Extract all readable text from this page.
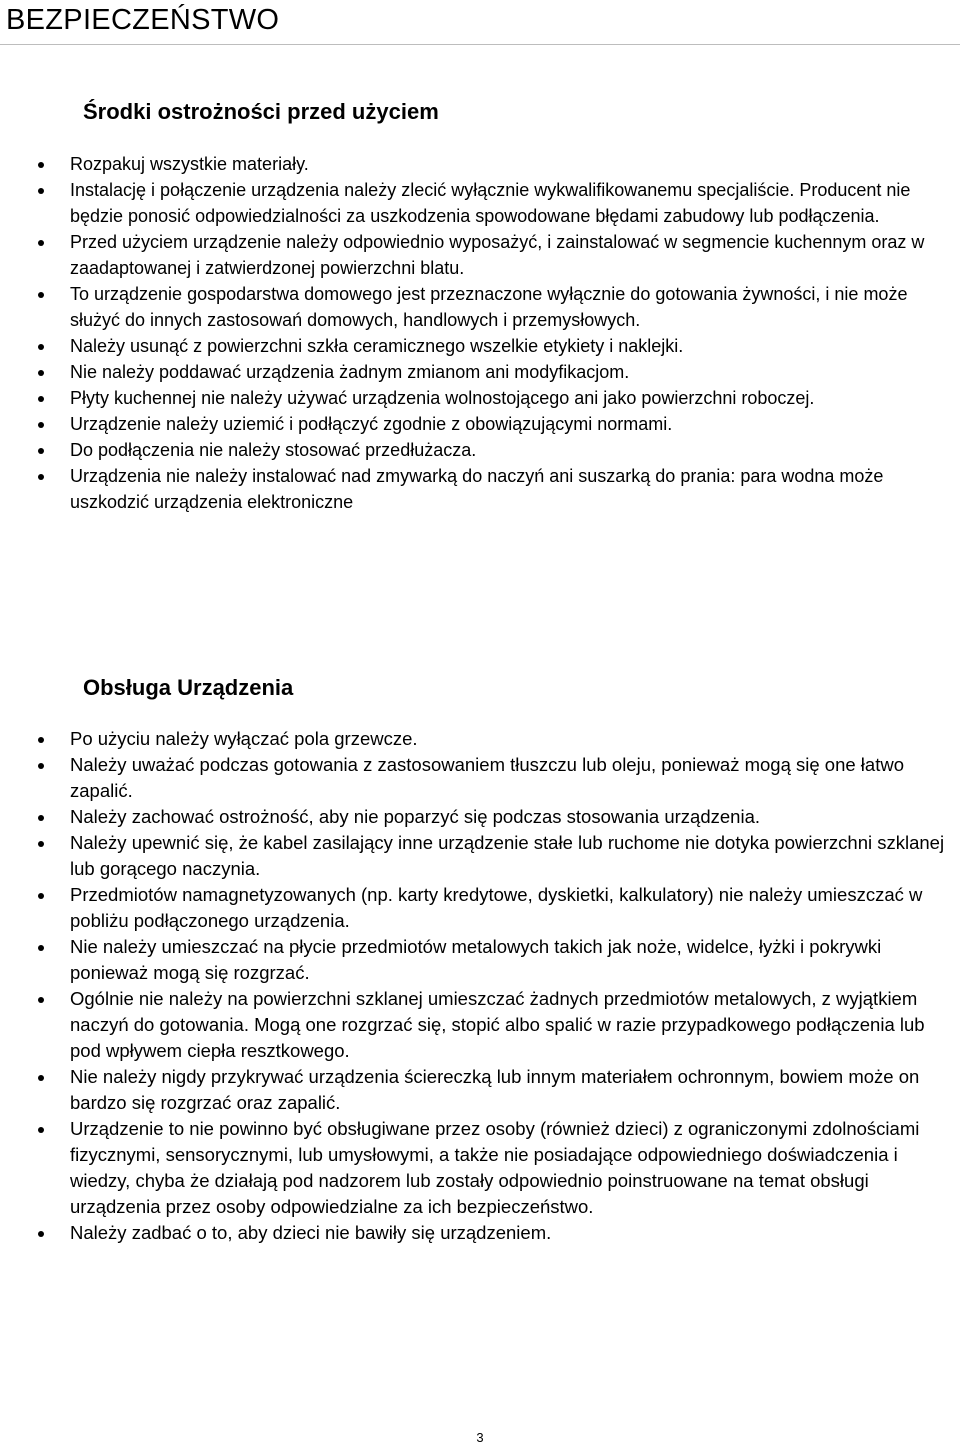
BEZPIECZEŃSTWO
Środki ostrożności przed użyciem
Rozpakuj wszystkie materiały.
Instalację i połączenie urządzenia należy zlecić wyłącznie wykwalifikowanemu specjaliście. Producent nie będzie ponosić odpowiedzialności za uszkodzenia spowodowane błędami zabudowy lub podłączenia.
Przed użyciem urządzenie należy odpowiednio wyposażyć, i zainstalować w segmencie kuchennym oraz w zaadaptowanej i zatwierdzonej powierzchni blatu.
To urządzenie gospodarstwa domowego jest przeznaczone wyłącznie do gotowania żywności, i nie może służyć do innych zastosowań domowych, handlowych i przemysłowych.
Należy usunąć z powierzchni szkła ceramicznego wszelkie etykiety i naklejki.
Nie należy poddawać urządzenia żadnym zmianom ani modyfikacjom.
Płyty kuchennej nie należy używać urządzenia wolnostojącego ani jako powierzchni roboczej.
Urządzenie należy uziemić i podłączyć zgodnie z obowiązującymi normami.
Do podłączenia nie należy stosować przedłużacza.
Urządzenia nie należy instalować nad zmywarką do naczyń ani suszarką do prania: para wodna może uszkodzić urządzenia elektroniczne
Obsługa Urządzenia
Po użyciu należy wyłączać pola grzewcze.
Należy uważać podczas gotowania z zastosowaniem tłuszczu lub oleju, ponieważ mogą się one łatwo zapalić.
Należy zachować ostrożność, aby nie poparzyć się podczas stosowania urządzenia.
Należy upewnić się, że kabel zasilający inne urządzenie stałe lub ruchome nie dotyka powierzchni szklanej lub gorącego naczynia.
Przedmiotów namagnetyzowanych (np. karty kredytowe, dyskietki, kalkulatory) nie należy umieszczać w pobliżu podłączonego urządzenia.
Nie należy umieszczać na płycie przedmiotów metalowych takich jak noże, widelce, łyżki i pokrywki ponieważ mogą się rozgrzać.
Ogólnie nie należy na powierzchni szklanej umieszczać żadnych przedmiotów metalowych, z wyjątkiem naczyń do gotowania. Mogą one rozgrzać się, stopić albo spalić w razie przypadkowego podłączenia lub pod wpływem ciepła resztkowego.
Nie należy nigdy przykrywać urządzenia ściereczką lub innym materiałem ochronnym, bowiem może on bardzo się rozgrzać oraz zapalić.
Urządzenie to nie powinno być obsługiwane przez osoby (również dzieci) z ograniczonymi zdolnościami fizycznymi, sensorycznymi, lub umysłowymi, a także nie posiadające odpowiedniego doświadczenia i wiedzy, chyba że działają pod nadzorem lub zostały odpowiednio poinstruowane na temat obsługi urządzenia przez osoby odpowiedzialne za ich bezpieczeństwo.
Należy zadbać o to, aby dzieci nie bawiły się urządzeniem.
3
